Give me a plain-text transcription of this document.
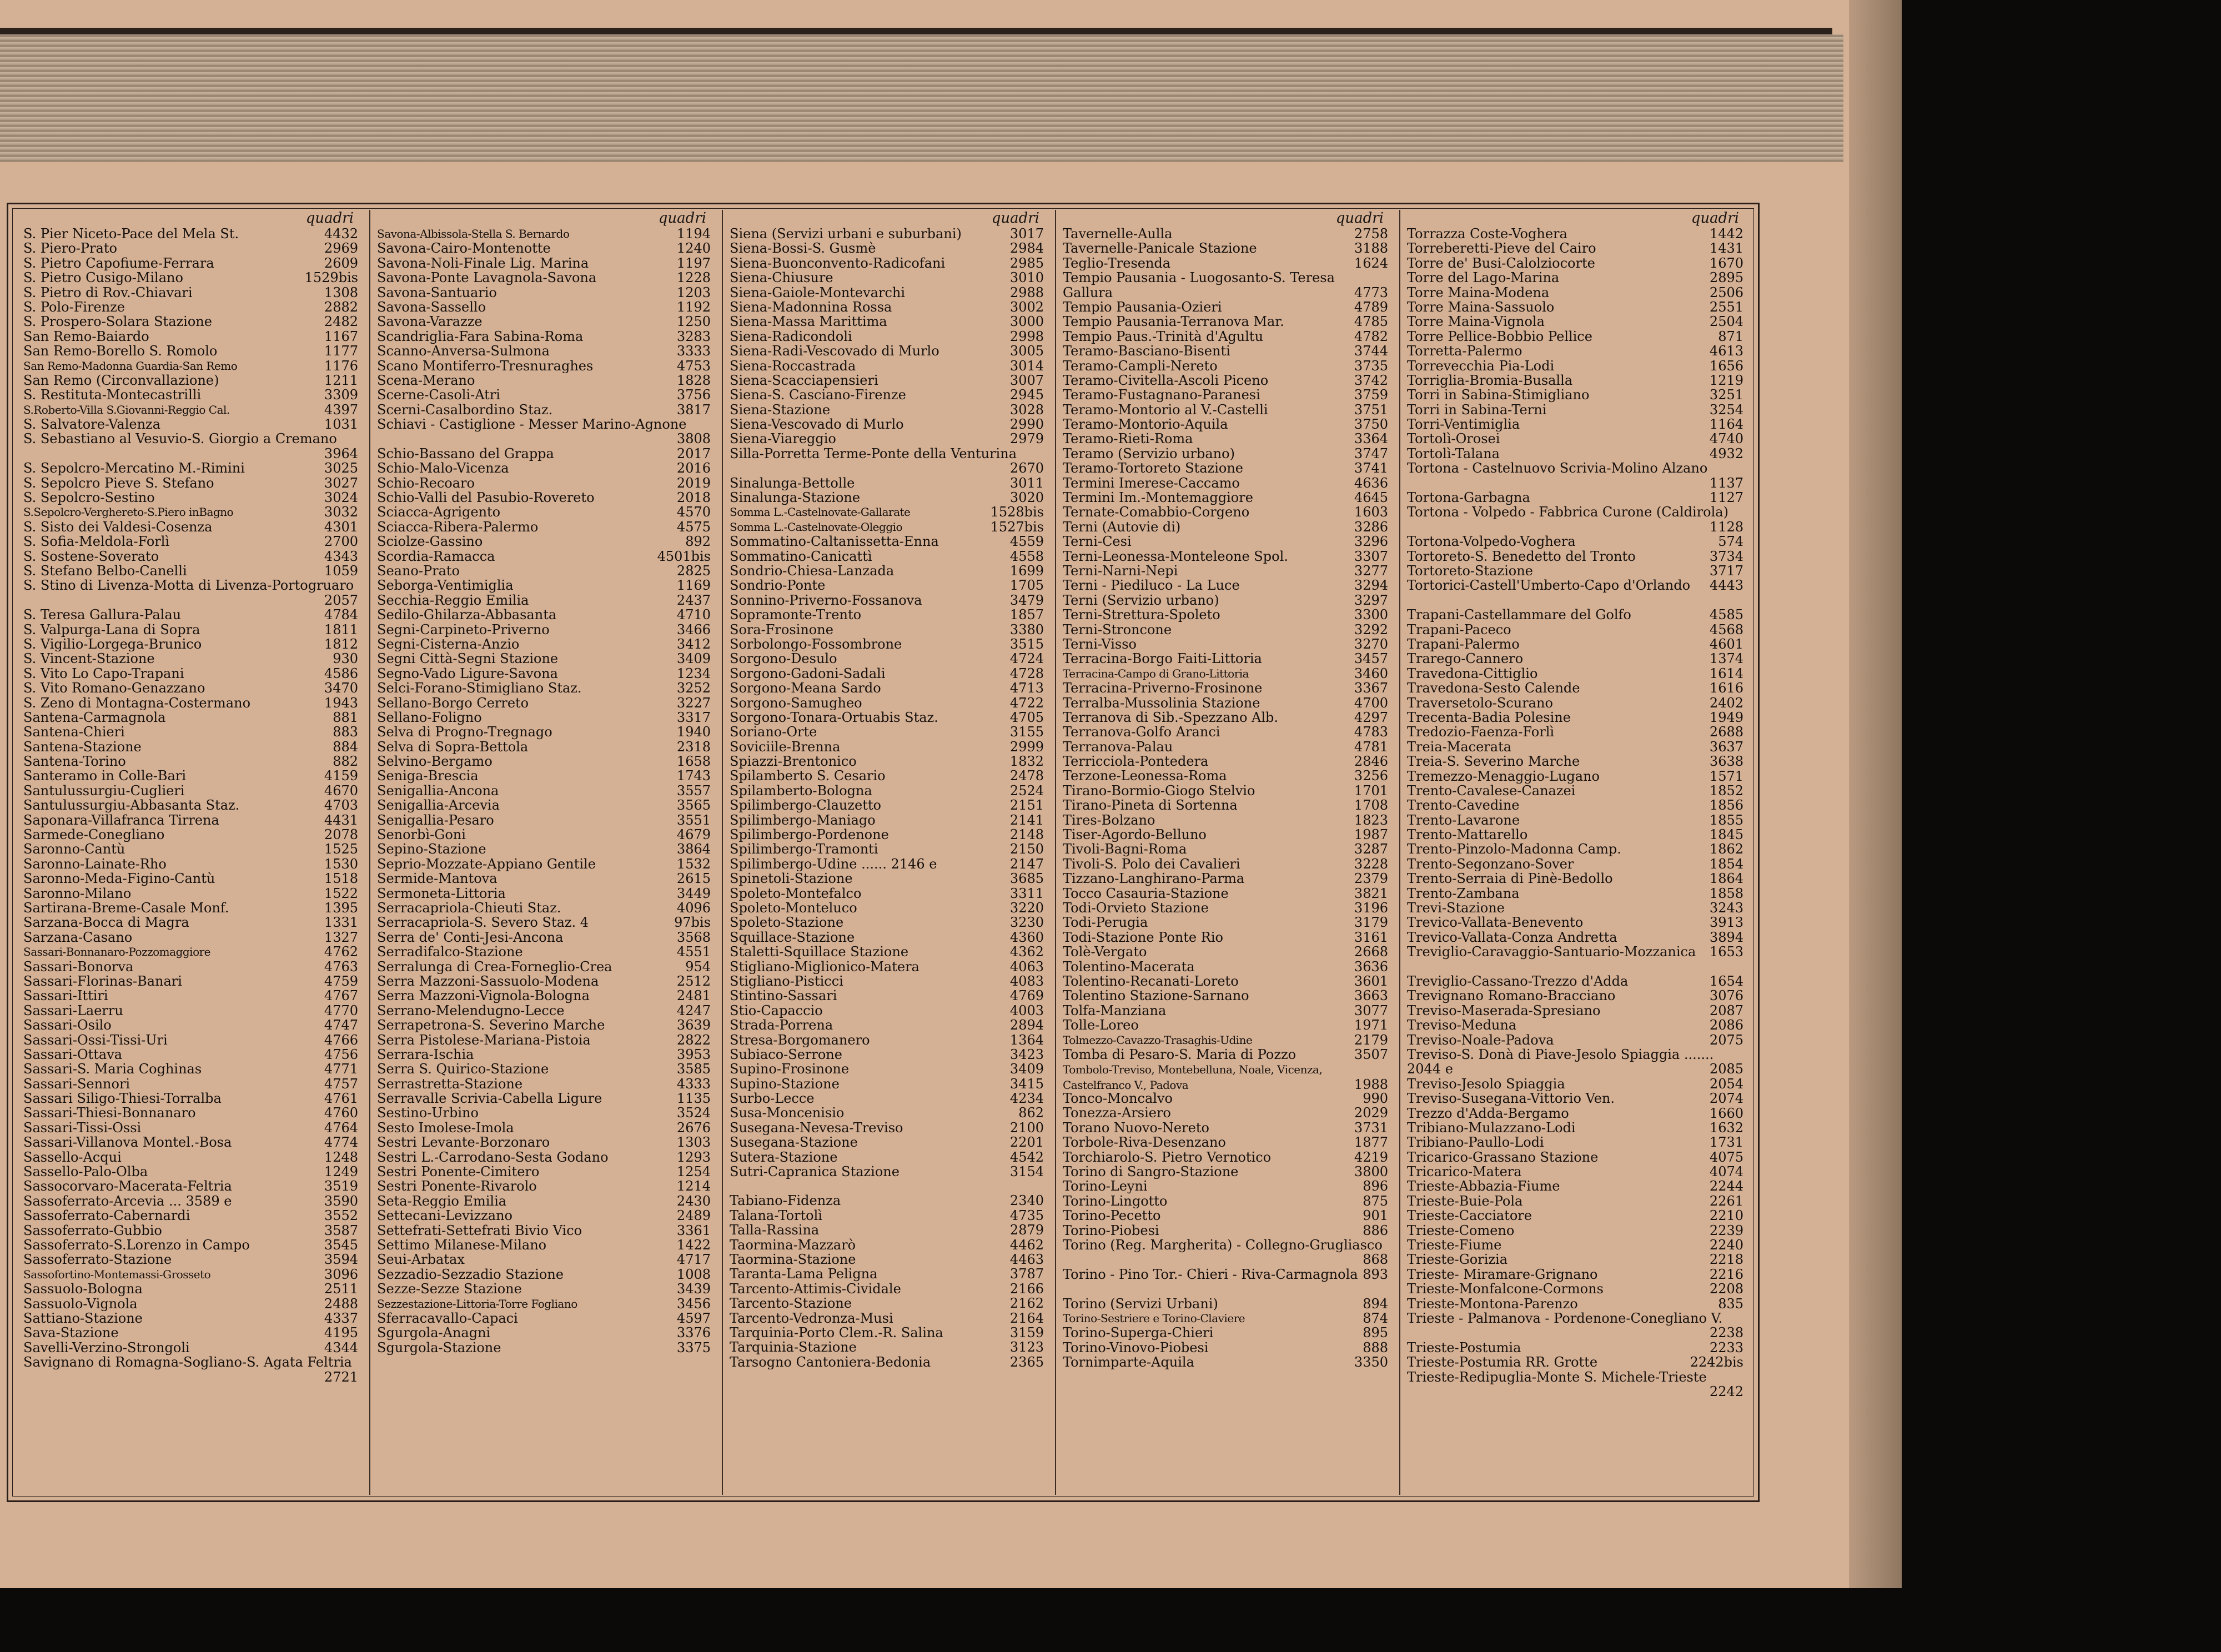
quadri
S. Pier Niceto-Pace del Mela St.	4432
S. Piero-Prato	2969
S. Pietro Capofiume-Ferrara	2609
S. Pietro Cusigo-Milano	1529bis
S. Pietro di Rov.-Chiavari	1308
S. Polo-Firenze	2882
S. Prospero-Solara Stazione	2482
San Remo-Baiardo	1167
San Remo-Borello S. Romolo	1177
San Remo-Madonna Guardia-San Remo	1176
San Remo (Circonvallazione)	1211
S. Restituta-Montecastrilli	3309
S.Roberto-Villa S.Giovanni-Reggio Cal.	4397
S. Salvatore-Valenza	1031
S. Sebastiano al Vesuvio-S. Giorgio a Cremano
3964
S. Sepolcro-Mercatino M.-Rimini	3025
S. Sepolcro Pieve S. Stefano	3027
S. Sepolcro-Sestino	3024
S.Sepolcro-Verghereto-S.Piero inBagno	3032
S. Sisto dei Valdesi-Cosenza	4301
S. Sofia-Meldola-Forlì	2700
S. Sostene-Soverato	4343
S. Stefano Belbo-Canelli	1059
S. Stino di Livenza-Motta di Livenza-Portogruaro
2057
S. Teresa Gallura-Palau	4784
S. Valpurga-Lana di Sopra	1811
S. Vigilio-Lorgega-Brunico	1812
S. Vincent-Stazione	930
S. Vito Lo Capo-Trapani	4586
S. Vito Romano-Genazzano	3470
S. Zeno di Montagna-Costermano	1943
Santena-Carmagnola	881
Santena-Chieri	883
Santena-Stazione	884
Santena-Torino	882
Santeramo in Colle-Bari	4159
Santulussurgiu-Cuglieri	4670
Santulussurgiu-Abbasanta Staz.	4703
Saponara-Villafranca Tirrena	4431
Sarmede-Conegliano	2078
Saronno-Cantù	1525
Saronno-Lainate-Rho	1530
Saronno-Meda-Figino-Cantù	1518
Saronno-Milano	1522
Sartirana-Breme-Casale Monf.	1395
Sarzana-Bocca di Magra	1331
Sarzana-Casano	1327
Sassari-Bonnanaro-Pozzomaggiore	4762
Sassari-Bonorva	4763
Sassari-Florinas-Banari	4759
Sassari-Ittiri	4767
Sassari-Laerru	4770
Sassari-Osilo	4747
Sassari-Ossi-Tissi-Uri	4766
Sassari-Ottava	4756
Sassari-S. Maria Coghinas	4771
Sassari-Sennori	4757
Sassari Siligo-Thiesi-Torralba	4761
Sassari-Thiesi-Bonnanaro	4760
Sassari-Tissi-Ossi	4764
Sassari-Villanova Montel.-Bosa	4774
Sassello-Acqui	1248
Sassello-Palo-Olba	1249
Sassocorvaro-Macerata-Feltria	3519
Sassoferrato-Arcevia ... 3589 e	3590
Sassoferrato-Cabernardi	3552
Sassoferrato-Gubbio	3587
Sassoferrato-S.Lorenzo in Campo	3545
Sassoferrato-Stazione	3594
Sassofortino-Montemassi-Grosseto	3096
Sassuolo-Bologna	2511
Sassuolo-Vignola	2488
Sattiano-Stazione	4337
Sava-Stazione	4195
Savelli-Verzino-Strongoli	4344
Savignano di Romagna-Sogliano-S. Agata Feltria
2721
quadri
Savona-Albissola-Stella S. Bernardo	1194
Savona-Cairo-Montenotte	1240
Savona-Noli-Finale Lig. Marina	1197
Savona-Ponte Lavagnola-Savona	1228
Savona-Santuario	1203
Savona-Sassello	1192
Savona-Varazze	1250
Scandriglia-Fara Sabina-Roma	3283
Scanno-Anversa-Sulmona	3333
Scano Montiferro-Tresnuraghes	4753
Scena-Merano	1828
Scerne-Casoli-Atri	3756
Scerni-Casalbordino Staz.	3817
Schiavi - Castiglione - Messer Marino-Agnone
3808
Schio-Bassano del Grappa	2017
Schio-Malo-Vicenza	2016
Schio-Recoaro	2019
Schio-Valli del Pasubio-Rovereto	2018
Sciacca-Agrigento	4570
Sciacca-Ribera-Palermo	4575
Sciolze-Gassino	892
Scordia-Ramacca	4501bis
Seano-Prato	2825
Seborga-Ventimiglia	1169
Secchia-Reggio Emilia	2437
Sedilo-Ghilarza-Abbasanta	4710
Segni-Carpineto-Priverno	3466
Segni-Cisterna-Anzio	3412
Segni Città-Segni Stazione	3409
Segno-Vado Ligure-Savona	1234
Selci-Forano-Stimigliano Staz.	3252
Sellano-Borgo Cerreto	3227
Sellano-Foligno	3317
Selva di Progno-Tregnago	1940
Selva di Sopra-Bettola	2318
Selvino-Bergamo	1658
Seniga-Brescia	1743
Senigallia-Ancona	3557
Senigallia-Arcevia	3565
Senigallia-Pesaro	3551
Senorbì-Goni	4679
Sepino-Stazione	3864
Seprio-Mozzate-Appiano Gentile	1532
Sermide-Mantova	2615
Sermoneta-Littoria	3449
Serracapriola-Chieuti Staz.	4096
Serracapriola-S. Severo Staz. 4	97bis
Serra de' Conti-Jesi-Ancona	3568
Serradifalco-Stazione	4551
Serralunga di Crea-Forneglio-Crea	954
Serra Mazzoni-Sassuolo-Modena	2512
Serra Mazzoni-Vignola-Bologna	2481
Serrano-Melendugno-Lecce	4247
Serrapetrona-S. Severino Marche	3639
Serra Pistolese-Mariana-Pistoia	2822
Serrara-Ischia	3953
Serra S. Quirico-Stazione	3585
Serrastretta-Stazione	4333
Serravalle Scrivia-Cabella Ligure	1135
Sestino-Urbino	3524
Sesto Imolese-Imola	2676
Sestri Levante-Borzonaro	1303
Sestri L.-Carrodano-Sesta Godano	1293
Sestri Ponente-Cimitero	1254
Sestri Ponente-Rivarolo	1214
Seta-Reggio Emilia	2430
Settecani-Levizzano	2489
Settefrati-Settefrati Bivio Vico	3361
Settimo Milanese-Milano	1422
Seui-Arbatax	4717
Sezzadio-Sezzadio Stazione	1008
Sezze-Sezze Stazione	3439
Sezzestazione-Littoria-Torre Fogliano	3456
Sferracavallo-Capaci	4597
Sgurgola-Anagni	3376
Sgurgola-Stazione	3375
quadri
Siena (Servizi urbani e suburbani)	3017
Siena-Bossi-S. Gusmè	2984
Siena-Buonconvento-Radicofani	2985
Siena-Chiusure	3010
Siena-Gaiole-Montevarchi	2988
Siena-Madonnina Rossa	3002
Siena-Massa Marittima	3000
Siena-Radicondoli	2998
Siena-Radi-Vescovado di Murlo	3005
Siena-Roccastrada	3014
Siena-Scacciapensieri	3007
Siena-S. Casciano-Firenze	2945
Siena-Stazione	3028
Siena-Vescovado di Murlo	2990
Siena-Viareggio	2979
Silla-Porretta Terme-Ponte della Venturina
2670
Sinalunga-Bettolle	3011
Sinalunga-Stazione	3020
Somma L.-Castelnovate-Gallarate	1528bis
Somma L.-Castelnovate-Oleggio	1527bis
Sommatino-Caltanissetta-Enna	4559
Sommatino-Canicattì	4558
Sondrio-Chiesa-Lanzada	1699
Sondrio-Ponte	1705
Sonnino-Priverno-Fossanova	3479
Sopramonte-Trento	1857
Sora-Frosinone	3380
Sorbolongo-Fossombrone	3515
Sorgono-Desulo	4724
Sorgono-Gadoni-Sadali	4728
Sorgono-Meana Sardo	4713
Sorgono-Samugheo	4722
Sorgono-Tonara-Ortuabis Staz.	4705
Soriano-Orte	3155
Soviciile-Brenna	2999
Spiazzi-Brentonico	1832
Spilamberto S. Cesario	2478
Spilamberto-Bologna	2524
Spilimbergo-Clauzetto	2151
Spilimbergo-Maniago	2141
Spilimbergo-Pordenone	2148
Spilimbergo-Tramonti	2150
Spilimbergo-Udine ...... 2146 e	2147
Spinetoli-Stazione	3685
Spoleto-Montefalco	3311
Spoleto-Monteluco	3220
Spoleto-Stazione	3230
Squillace-Stazione	4360
Staletti-Squillace Stazione	4362
Stigliano-Miglionico-Matera	4063
Stigliano-Pisticci	4083
Stintino-Sassari	4769
Stio-Capaccio	4003
Strada-Porrena	2894
Stresa-Borgomanero	1364
Subiaco-Serrone	3423
Supino-Frosinone	3409
Supino-Stazione	3415
Surbo-Lecce	4234
Susa-Moncenisio	862
Susegana-Nevesa-Treviso	2100
Susegana-Stazione	2201
Sutera-Stazione	4542
Sutri-Capranica Stazione	3154
Tabiano-Fidenza	2340
Talana-Tortolì	4735
Talla-Rassina	2879
Taormina-Mazzarò	4462
Taormina-Stazione	4463
Taranta-Lama Peligna	3787
Tarcento-Attimis-Cividale	2166
Tarcento-Stazione	2162
Tarcento-Vedronza-Musi	2164
Tarquinia-Porto Clem.-R. Salina	3159
Tarquinia-Stazione	3123
Tarsogno Cantoniera-Bedonia	2365
quadri
Tavernelle-Aulla	2758
Tavernelle-Panicale Stazione	3188
Teglio-Tresenda	1624
Tempio Pausania - Luogosanto-S. Teresa Gallura	4773
Tempio Pausania-Ozieri	4789
Tempio Pausania-Terranova Mar.	4785
Tempio Paus.-Trinità d'Agultu	4782
Teramo-Basciano-Bisenti	3744
Teramo-Campli-Nereto	3735
Teramo-Civitella-Ascoli Piceno	3742
Teramo-Fustagnano-Paranesi	3759
Teramo-Montorio al V.-Castelli	3751
Teramo-Montorio-Aquila	3750
Teramo-Rieti-Roma	3364
Teramo (Servizio urbano)	3747
Teramo-Tortoreto Stazione	3741
Termini Imerese-Caccamo	4636
Termini Im.-Montemaggiore	4645
Ternate-Comabbio-Corgeno	1603
Terni (Autovie di)	3286
Terni-Cesi	3296
Terni-Leonessa-Monteleone Spol.	3307
Terni-Narni-Nepi	3277
Terni - Piediluco - La Luce	3294
Terni (Servizio urbano)	3297
Terni-Strettura-Spoleto	3300
Terni-Stroncone	3292
Terni-Visso	3270
Terracina-Borgo Faiti-Littoria	3457
Terracina-Campo di Grano-Littoria	3460
Terracina-Priverno-Frosinone	3367
Terralba-Mussolinia Stazione	4700
Terranova di Sib.-Spezzano Alb.	4297
Terranova-Golfo Aranci	4783
Terranova-Palau	4781
Terricciola-Pontedera	2846
Terzone-Leonessa-Roma	3256
Tirano-Bormio-Giogo Stelvio	1701
Tirano-Pineta di Sortenna	1708
Tires-Bolzano	1823
Tiser-Agordo-Belluno	1987
Tivoli-Bagni-Roma	3287
Tivoli-S. Polo dei Cavalieri	3228
Tizzano-Langhirano-Parma	2379
Tocco Casauria-Stazione	3821
Todi-Orvieto Stazione	3196
Todi-Perugia	3179
Todi-Stazione Ponte Rio	3161
Tolè-Vergato	2668
Tolentino-Macerata	3636
Tolentino-Recanati-Loreto	3601
Tolentino Stazione-Sarnano	3663
Tolfa-Manziana	3077
Tolle-Loreo	1971
Tolmezzo-Cavazzo-Trasaghis-Udine	2179
Tomba di Pesaro-S. Maria di Pozzo	3507
Tombolo-Treviso, Montebelluna, Noale, Vicenza, Castelfranco V., Padova	1988
Tonco-Moncalvo	990
Tonezza-Arsiero	2029
Torano Nuovo-Nereto	3731
Torbole-Riva-Desenzano	1877
Torchiarolo-S. Pietro Vernotico	4219
Torino di Sangro-Stazione	3800
Torino-Leyni	896
Torino-Lingotto	875
Torino-Pecetto	901
Torino-Piobesi	886
Torino (Reg. Margherita) - Collegno-Grugliasco
868
Torino - Pino Tor.- Chieri - Riva-Carmagnola 893
Torino (Servizi Urbani)	894
Torino-Sestriere e Torino-Claviere	874
Torino-Superga-Chieri	895
Torino-Vinovo-Piobesi	888
Tornimparte-Aquila	3350
quadri
Torrazza Coste-Voghera	1442
Torreberetti-Pieve del Cairo	1431
Torre de' Busi-Calolziocorte	1670
Torre del Lago-Marina	2895
Torre Maina-Modena	2506
Torre Maina-Sassuolo	2551
Torre Maina-Vignola	2504
Torre Pellice-Bobbio Pellice	871
Torretta-Palermo	4613
Torrevecchia Pia-Lodi	1656
Torriglia-Bromia-Busalla	1219
Torri in Sabina-Stimigliano	3251
Torri in Sabina-Terni	3254
Torri-Ventimiglia	1164
Tortolì-Orosei	4740
Tortolì-Talana	4932
Tortona - Castelnuovo Scrivia-Molino Alzano
1137
Tortona-Garbagna	1127
Tortona - Volpedo - Fabbrica Curone (Caldirola)
1128
Tortona-Volpedo-Voghera	574
Tortoreto-S. Benedetto del Tronto	3734
Tortoreto-Stazione	3717
Tortorici-Castell'Umberto-Capo d'Orlando 4443
Trapani-Castellammare del Golfo	4585
Trapani-Paceco	4568
Trapani-Palermo	4601
Trarego-Cannero	1374
Travedona-Cittiglio	1614
Travedona-Sesto Calende	1616
Traversetolo-Scurano	2402
Trecenta-Badia Polesine	1949
Tredozio-Faenza-Forlì	2688
Treia-Macerata	3637
Treia-S. Severino Marche	3638
Tremezzo-Menaggio-Lugano	1571
Trento-Cavalese-Canazei	1852
Trento-Cavedine	1856
Trento-Lavarone	1855
Trento-Mattarello	1845
Trento-Pinzolo-Madonna Camp.	1862
Trento-Segonzano-Sover	1854
Trento-Serraia di Pinè-Bedollo	1864
Trento-Zambana	1858
Trevi-Stazione	3243
Trevico-Vallata-Benevento	3913
Trevico-Vallata-Conza Andretta	3894
Treviglio-Caravaggio-Santuario-Mozzanica 1653
Treviglio-Cassano-Trezzo d'Adda	1654
Trevignano Romano-Bracciano	3076
Treviso-Maserada-Spresiano	2087
Treviso-Meduna	2086
Treviso-Noale-Padova	2075
Treviso-S. Donà di Piave-Jesolo Spiaggia ....... 2044 e	2085
Treviso-Jesolo Spiaggia	2054
Treviso-Susegana-Vittorio Ven.	2074
Trezzo d'Adda-Bergamo	1660
Tribiano-Mulazzano-Lodi	1632
Tribiano-Paullo-Lodi	1731
Tricarico-Grassano Stazione	4075
Tricarico-Matera	4074
Trieste-Abbazia-Fiume	2244
Trieste-Buie-Pola	2261
Trieste-Cacciatore	2210
Trieste-Comeno	2239
Trieste-Fiume	2240
Trieste-Gorizia	2218
Trieste- Miramare-Grignano	2216
Trieste-Monfalcone-Cormons	2208
Trieste-Montona-Parenzo	835
Trieste - Palmanova - Pordenone-Conegliano V.
2238
Trieste-Postumia	2233
Trieste-Postumia RR. Grotte	2242bis
Trieste-Redipuglia-Monte S. Michele-Trieste
2242
